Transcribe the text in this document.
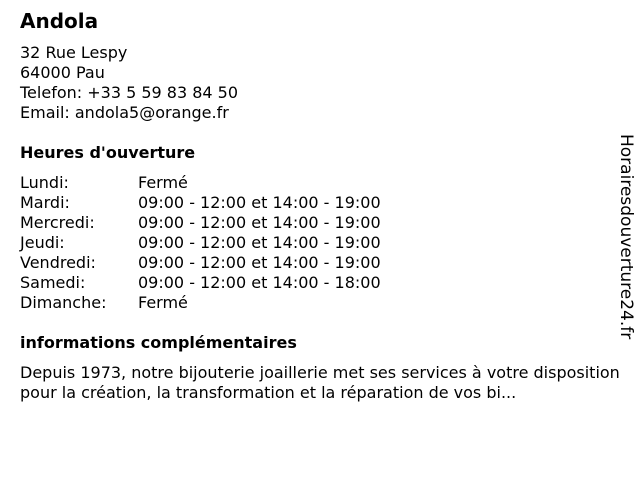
Andola
32 Rue Lespy
64000 Pau
Telefon: +33 5 59 83 84 50
Email: andola5@orange.fr
Heures d'ouverture
Lundi:	Fermé
Mardi:	09:00 - 12:00 et 14:00 - 19:00
Mercredi:	09:00 - 12:00 et 14:00 - 19:00
Jeudi:	09:00 - 12:00 et 14:00 - 19:00
Vendredi:	09:00 - 12:00 et 14:00 - 19:00
Samedi:	09:00 - 12:00 et 14:00 - 18:00
Dimanche:	Fermé
informations complémentaires
Depuis 1973, notre bijouterie joaillerie met ses services à votre disposition pour la création, la transformation et la réparation de vos bi...
Horairesdouverture24.fr
